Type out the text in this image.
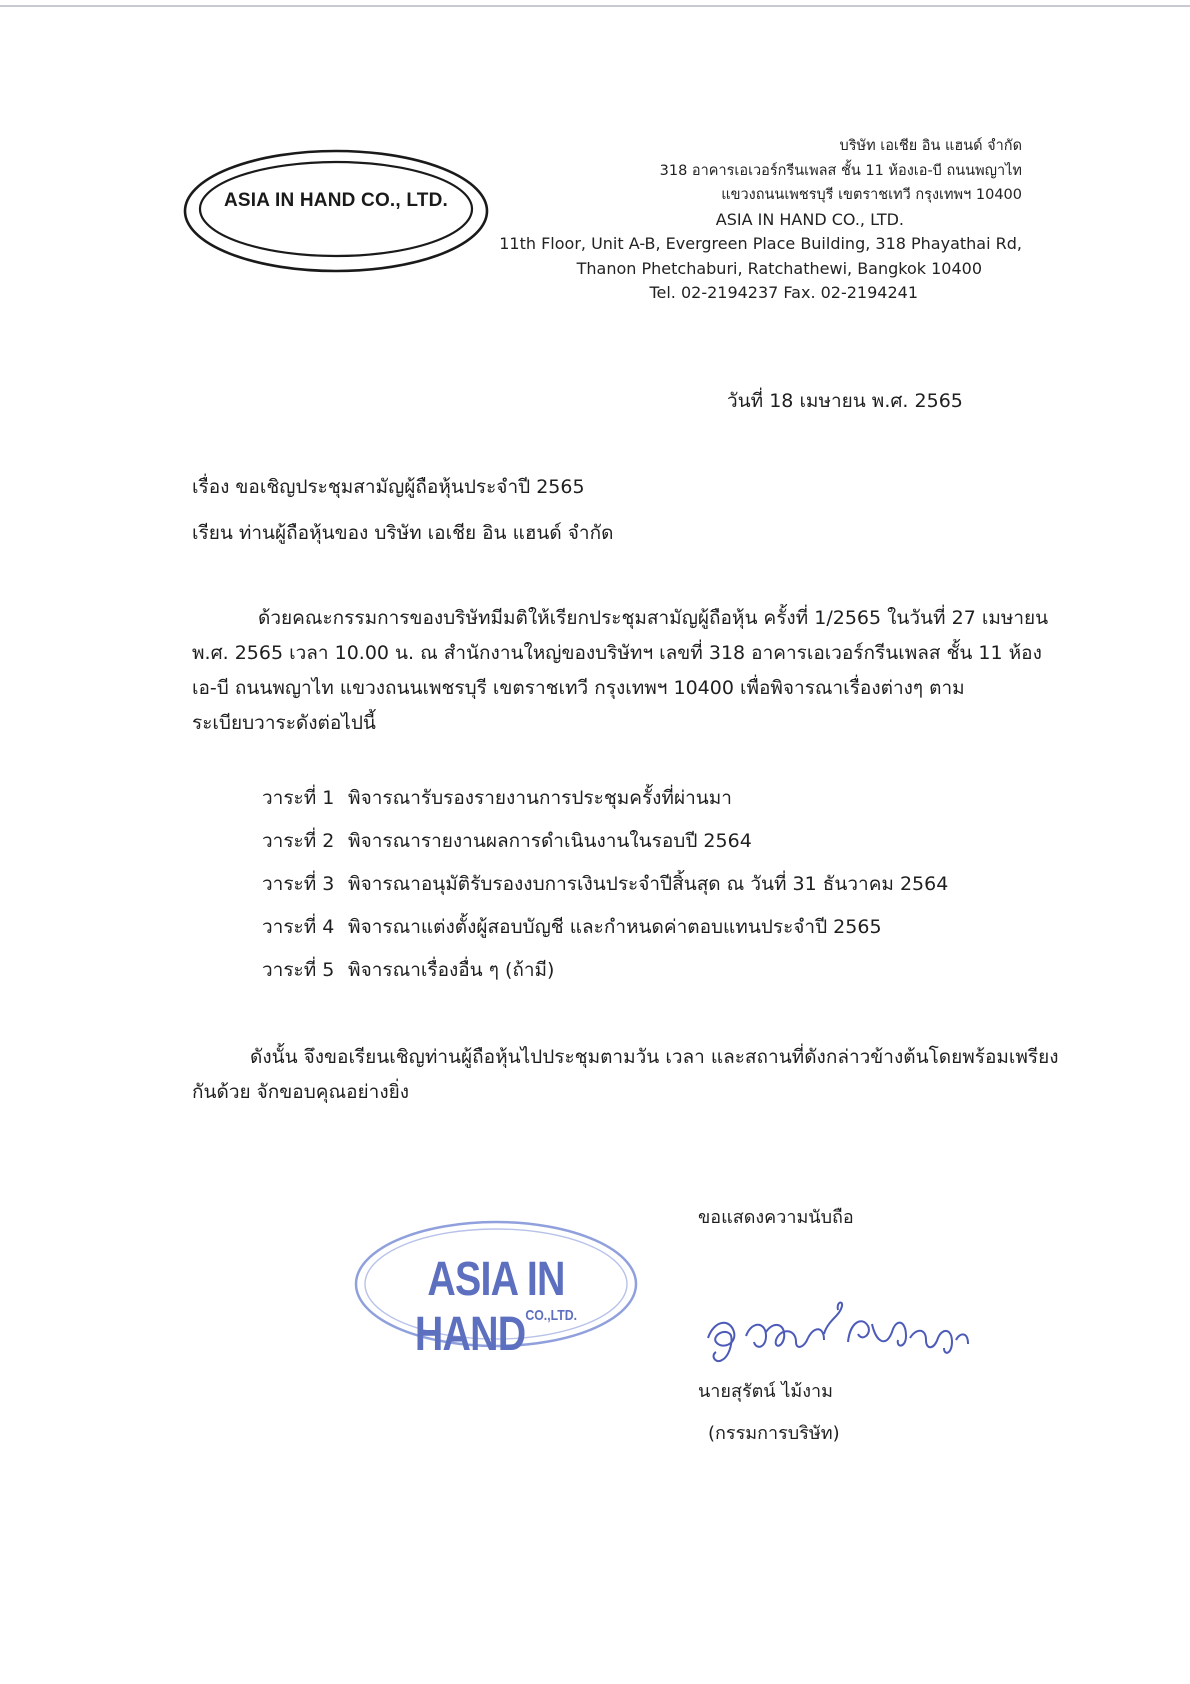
ASIA IN HAND CO., LTD.
บริษัท เอเชีย อิน แฮนด์ จำกัด
318 อาคารเอเวอร์กรีนเพลส ชั้น 11 ห้องเอ-บี ถนนพญาไท
แขวงถนนเพชรบุรี เขตราชเทวี กรุงเทพฯ 10400
ASIA IN HAND CO., LTD.
11th Floor, Unit A-B, Evergreen Place Building, 318 Phayathai Rd,
Thanon Phetchaburi, Ratchathewi, Bangkok 10400
Tel. 02-2194237 Fax. 02-2194241
วันที่ 18 เมษายน พ.ศ. 2565
เรื่อง ขอเชิญประชุมสามัญผู้ถือหุ้นประจำปี 2565
เรียน ท่านผู้ถือหุ้นของ บริษัท เอเชีย อิน แฮนด์ จำกัด
ด้วยคณะกรรมการของบริษัทมีมติให้เรียกประชุมสามัญผู้ถือหุ้น ครั้งที่ 1/2565 ในวันที่ 27 เมษายน พ.ศ. 2565 เวลา 10.00 น. ณ สำนักงานใหญ่ของบริษัทฯ เลขที่ 318 อาคารเอเวอร์กรีนเพลส ชั้น 11 ห้อง เอ-บี ถนนพญาไท แขวงถนนเพชรบุรี เขตราชเทวี กรุงเทพฯ 10400 เพื่อพิจารณาเรื่องต่างๆ ตามระเบียบวาระดังต่อไปนี้
วาระที่ 1 พิจารณารับรองรายงานการประชุมครั้งที่ผ่านมา
วาระที่ 2 พิจารณารายงานผลการดำเนินงานในรอบปี 2564
วาระที่ 3 พิจารณาอนุมัติรับรองงบการเงินประจำปีสิ้นสุด ณ วันที่ 31 ธันวาคม 2564
วาระที่ 4 พิจารณาแต่งตั้งผู้สอบบัญชี และกำหนดค่าตอบแทนประจำปี 2565
วาระที่ 5 พิจารณาเรื่องอื่น ๆ (ถ้ามี)
ดังนั้น จึงขอเรียนเชิญท่านผู้ถือหุ้นไปประชุมตามวัน เวลา และสถานที่ดังกล่าวข้างต้นโดยพร้อมเพรียงกันด้วย จักขอบคุณอย่างยิ่ง
ขอแสดงความนับถือ
ASIA IN $HAND^{CO.,LTD.}$
นายสุรัตน์ ไม้งาม
(กรรมการบริษัท)
